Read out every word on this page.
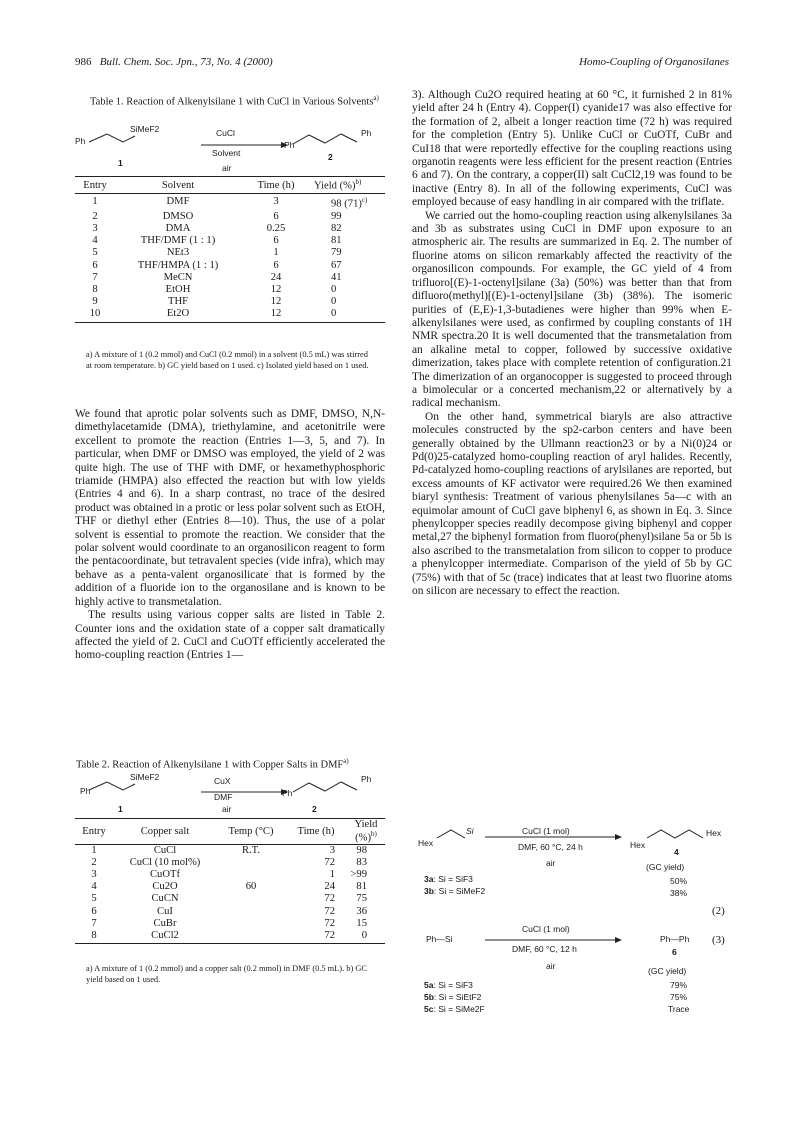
986 Bull. Chem. Soc. Jpn., 73, No. 4 (2000)	Homo-Coupling of Organosilanes
Table 1. Reaction of Alkenylsilane 1 with CuCl in Various Solvents$^{a)}$
Ph
SiMeF2	CuCl
Solvent
air
Ph
Ph
1
2
Entry	Solvent	Time (h)	Yield (%)$^{b)}$
1	DMF	3	98 $(71)^{c)}$
2	DMSO	6	99
3	DMA	0.25	82
4	THF/DMF (1 : 1)	6	81
5	NEt3	1	79
6	THF/HMPA (1 : 1)	6	67
7	MeCN	24	41
8	EtOH	12	0
9	THF	12	0
10	Et2O	12	0
a) A mixture of 1 (0.2 mmol) and CuCl (0.2 mmol) in a solvent (0.5 mL) was stirred at room temperature. b) GC yield based on 1 used. c) Isolated yield based on 1 used.

We found that aprotic polar solvents such as DMF, DMSO, N,N-dimethylacetamide (DMA), triethylamine, and acetonitrile were excellent to promote the reaction (Entries 1—3, 5, and 7). In particular, when DMF or DMSO was employed, the yield of 2 was quite high. The use of THF with DMF, or hexamethyphosphoric triamide (HMPA) also effected the reaction but with low yields (Entries 4 and 6). In a sharp contrast, no trace of the desired product was obtained in a protic or less polar solvent such as EtOH, THF or diethyl ether (Entries 8—10). Thus, the use of a polar solvent is essential to promote the reaction. We consider that the polar solvent would coordinate to an organosilicon reagent to form the pentacoordinate, but tetravalent species (vide infra), which may behave as a penta-valent organosilicate that is formed by the addition of a fluoride ion to the organosilane and is known to be highly active to transmetalation.

The results using various copper salts are listed in Table 2. Counter ions and the oxidation state of a copper salt dramatically affected the yield of 2. CuCl and CuOTf efficiently accelerated the homo-coupling reaction (Entries 1—

Table 2. Reaction of Alkenylsilane 1 with Copper Salts in DMF$^{a)}$
Ph
SiMeF2	CuX
DMF
air
Ph
Ph
1	2
Entry	Copper salt	Temp (°C)	Time (h)	Yield (%)$^{b)}$
1	CuCl	R.T.	3	98
2	CuCl (10 mol%)		72	83
3	CuOTf		1	>99
4	Cu2O	60	24	81
5	CuCN		72	75
6	CuI		72	36
7	CuBr		72	15
8	CuCl2		72	0
a) A mixture of 1 (0.2 mmol) and a copper salt (0.2 mmol) in DMF (0.5 mL). b) GC yield based on 1 used.

3). Although Cu2O required heating at 60 °C, it furnished 2 in 81% yield after 24 h (Entry 4). Copper(I) cyanide17 was also effective for the formation of 2, albeit a longer reaction time (72 h) was required for the completion (Entry 5). Unlike CuCl or CuOTf, CuBr and CuI18 that were reportedly effective for the coupling reactions using organotin reagents were less efficient for the present reaction (Entries 6 and 7). On the contrary, a copper(II) salt CuCl2,19 was found to be inactive (Entry 8). In all of the following experiments, CuCl was employed because of easy handling in air compared with the triflate.

We carried out the homo-coupling reaction using alkenylsilanes 3a and 3b as substrates using CuCl in DMF upon exposure to an atmospheric air. The results are summarized in Eq. 2. The number of fluorine atoms on silicon remarkably affected the reactivity of the organosilicon compounds. For example, the GC yield of 4 from trifluoro[(E)-1-octenyl]silane (3a) (50%) was better than that from difluoro(methyl)[(E)-1-octenyl]silane (3b) (38%). The isomeric purities of (E,E)-1,3-butadienes were higher than 99% when E-alkenylsilanes were used, as confirmed by coupling constants of 1H NMR spectra.20 It is well documented that the transmetalation from an alkaline metal to copper, followed by successive oxidative dimerization, takes place with complete retention of configuration.21 The dimerization of an organocopper is suggested to proceed through a bimolecular or a concerted mechanism,22 or alternatively by a radical mechanism.

On the other hand, symmetrical biaryls are also attractive molecules constructed by the sp2-carbon centers and have been generally obtained by the Ullmann reaction23 or by a Ni(0)24 or Pd(0)25-catalyzed homo-coupling reaction of aryl halides. Recently, Pd-catalyzed homo-coupling reactions of arylsilanes are reported, but excess amounts of KF activator were required.26 We then examined biaryl synthesis: Treatment of various phenylsilanes 5a—c with an equimolar amount of CuCl gave biphenyl 6, as shown in Eq. 3. Since phenylcopper species readily decompose giving biphenyl and copper metal,27 the biphenyl formation from fluoro(phenyl)silane 5a or 5b is also ascribed to the transmetalation from silicon to copper to produce a phenylcopper intermediate. Comparison of the yield of 5b by GC (75%) with that of 5c (trace) indicates that at least two fluorine atoms on silicon are necessary to effect the reaction.

Hex
Si	CuCl (1 mol)
DMF, 60 °C, 24 h
air
Hex
Hex
4
(GC yield)
3a: Si = SiF3
3b: Si = SiMeF2
50%
38%
(2)
Ph—Si
CuCl (1 mol)
DMF, 60 °C, 12 h
air
Ph—Ph
6
(3)
(GC yield)
5a: Si = SiF3
5b: Si = SiEtF2
5c: Si = SiMe2F
79%
75%
Trace
